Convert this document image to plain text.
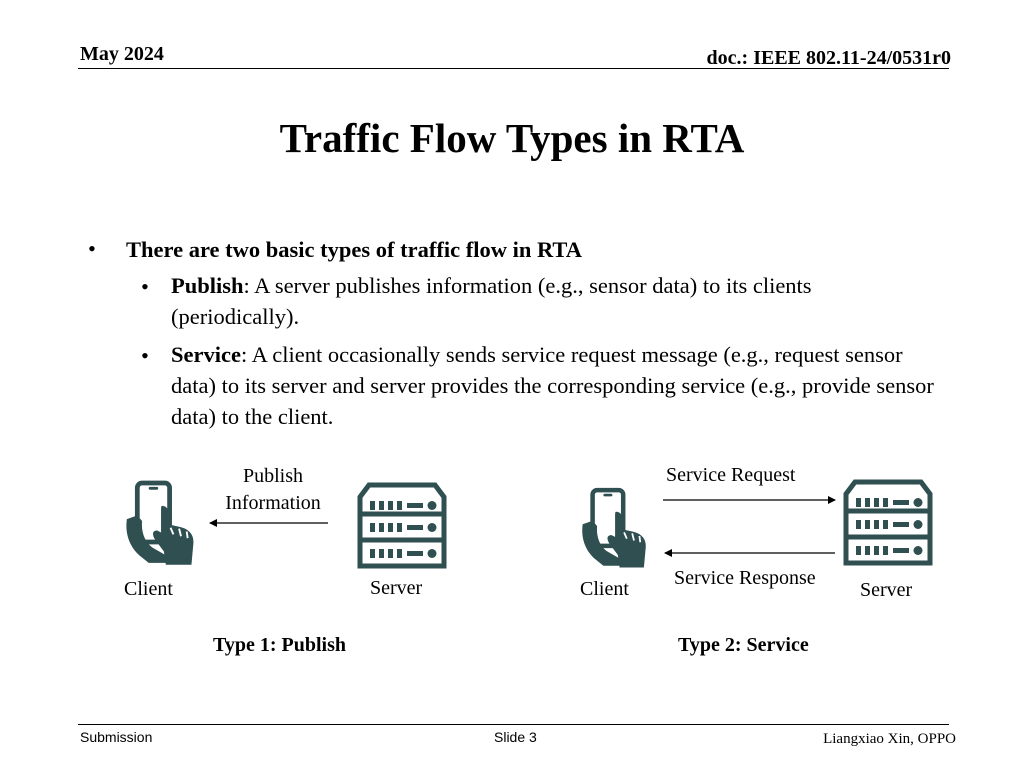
May 2024	doc.: IEEE 802.11-24/0531r0
Traffic Flow Types in RTA
• There are two basic types of traffic flow in RTA
• Publish: A server publishes information (e.g., sensor data) to its clients (periodically).
• Service: A client occasionally sends service request message (e.g., request sensor data) to its server and server provides the corresponding service (e.g., provide sensor data) to the client.
Publish
Information
Client	Server
Type 1: Publish
Service Request
Service Response
Client	Server
Type 2: Service
Submission	Slide 3	Liangxiao Xin, OPPO
